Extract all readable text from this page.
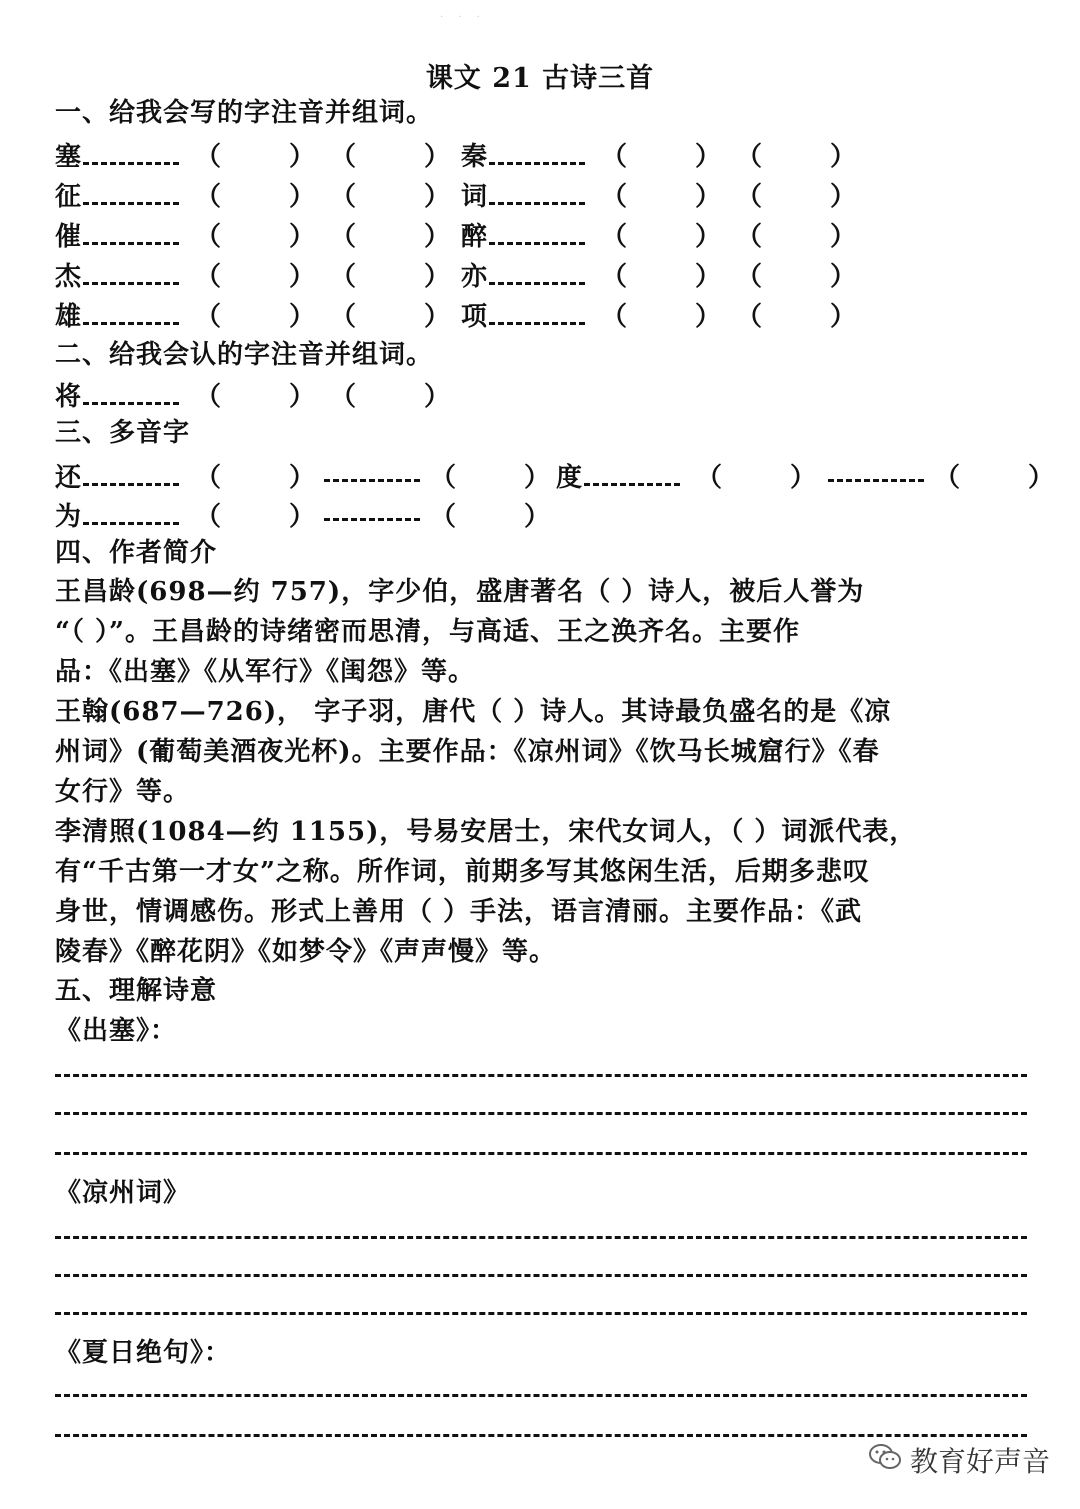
· · ·
课文 21 古诗三首
一、给我会写的字注音并组词。
塞	（	） （	） 秦	（	） （	）
征	（	） （	） 词	（	） （	）
催	（	） （	） 醉	（	） （	）
杰	（	） （	） 亦	（	） （	）
雄	（	） （	） 项	（	） （	）
二、给我会认的字注音并组词。
将	（	） （	）
三、多音字
还	（	）	（	） 度	（	）	（	）
为	（	）	（	）
四、作者简介
王昌龄(698—约 757)，字少伯，盛唐著名（ ）诗人，被后人誉为
“（ ）”。王昌龄的诗绪密而思清，与高适、王之涣齐名。主要作
品：《出塞》《从军行》《闺怨》等。
王翰(687—726)， 字子羽，唐代（ ）诗人。其诗最负盛名的是《凉
州词》(葡萄美酒夜光杯)。主要作品：《凉州词》《饮马长城窟行》《春
女行》等。
李清照(1084—约 1155)，号易安居士，宋代女词人，（ ）词派代表，
有“千古第一才女”之称。所作词，前期多写其悠闲生活，后期多悲叹
身世，情调感伤。形式上善用（ ）手法，语言清丽。主要作品：《武
陵春》《醉花阴》《如梦令》《声声慢》等。
五、理解诗意
《出塞》：
《凉州词》
《夏日绝句》：
教育好声音
